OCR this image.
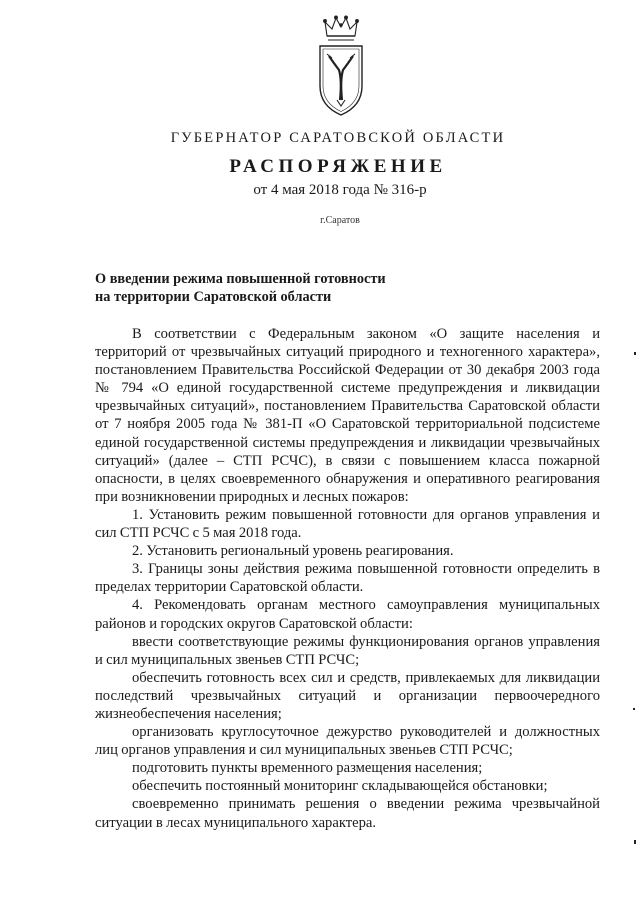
ГУБЕРНАТОР САРАТОВСКОЙ ОБЛАСТИ
РАСПОРЯЖЕНИЕ
от 4 мая 2018 года № 316-р
г.Саратов
О введении режима повышенной готовности
на территории Саратовской области

В соответствии с Федеральным законом «О защите населения и территорий от чрезвычайных ситуаций природного и техногенного характера», постановлением Правительства Российской Федерации от 30 декабря 2003 года № 794 «О единой государственной системе предупреждения и ликвидации чрезвычайных ситуаций», постановлением Правительства Саратовской области от 7 ноября 2005 года № 381-П «О Саратовской территориальной подсистеме единой государственной системы предупреждения и ликвидации чрезвычайных ситуаций» (далее – СТП РСЧС), в связи с повышением класса пожарной опасности, в целях своевременного обнаружения и оперативного реагирования при возникновении природных и лесных пожаров:

1. Установить режим повышенной готовности для органов управления и сил СТП РСЧС с 5 мая 2018 года.

2. Установить региональный уровень реагирования.

3. Границы зоны действия режима повышенной готовности определить в пределах территории Саратовской области.

4. Рекомендовать органам местного самоуправления муниципальных районов и городских округов Саратовской области:

ввести соответствующие режимы функционирования органов управления и сил муниципальных звеньев СТП РСЧС;

обеспечить готовность всех сил и средств, привлекаемых для ликвидации последствий чрезвычайных ситуаций и организации первоочередного жизнеобеспечения населения;

организовать круглосуточное дежурство руководителей и должностных лиц органов управления и сил муниципальных звеньев СТП РСЧС;

подготовить пункты временного размещения населения;

обеспечить постоянный мониторинг складывающейся обстановки;

своевременно принимать решения о введении режима чрезвычайной ситуации в лесах муниципального характера.
